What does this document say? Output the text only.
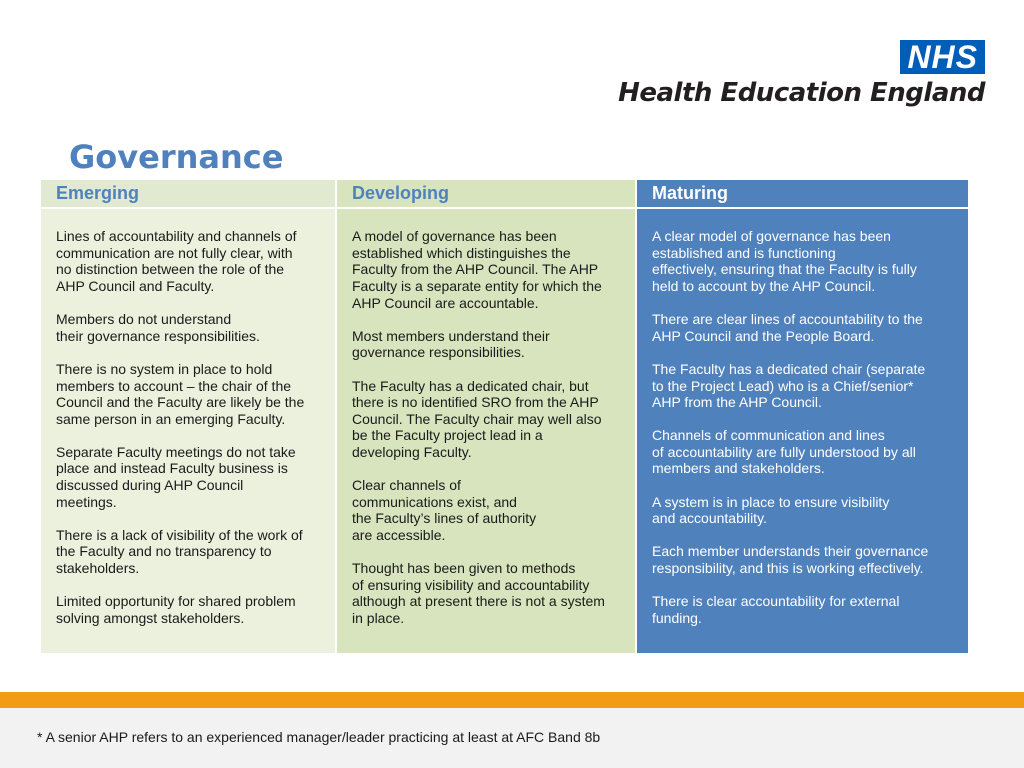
NHS
Health Education England
Governance
Emerging

Lines of accountability and channels of
communication are not fully clear, with
no distinction between the role of the
AHP Council and Faculty.

Members do not understand
their governance responsibilities.

There is no system in place to hold
members to account – the chair of the
Council and the Faculty are likely be the
same person in an emerging Faculty.

Separate Faculty meetings do not take
place and instead Faculty business is
discussed during AHP Council
meetings.

There is a lack of visibility of the work of
the Faculty and no transparency to
stakeholders.

Limited opportunity for shared problem
solving amongst stakeholders.

Developing

A model of governance has been
established which distinguishes the
Faculty from the AHP Council. The AHP
Faculty is a separate entity for which the
AHP Council are accountable.

Most members understand their
governance responsibilities.

The Faculty has a dedicated chair, but
there is no identified SRO from the AHP
Council. The Faculty chair may well also
be the Faculty project lead in a
developing Faculty.

Clear channels of
communications exist, and
the Faculty’s lines of authority
are accessible.

Thought has been given to methods
of ensuring visibility and accountability
although at present there is not a system
in place.

Maturing

A clear model of governance has been
established and is functioning
effectively, ensuring that the Faculty is fully
held to account by the AHP Council.

There are clear lines of accountability to the
AHP Council and the People Board.

The Faculty has a dedicated chair (separate
to the Project Lead) who is a Chief/senior*
AHP from the AHP Council.

Channels of communication and lines
of accountability are fully understood by all
members and stakeholders.

A system is in place to ensure visibility
and accountability.

Each member understands their governance
responsibility, and this is working effectively.

There is clear accountability for external
funding.

* A senior AHP refers to an experienced manager/leader practicing at least at AFC Band 8b
